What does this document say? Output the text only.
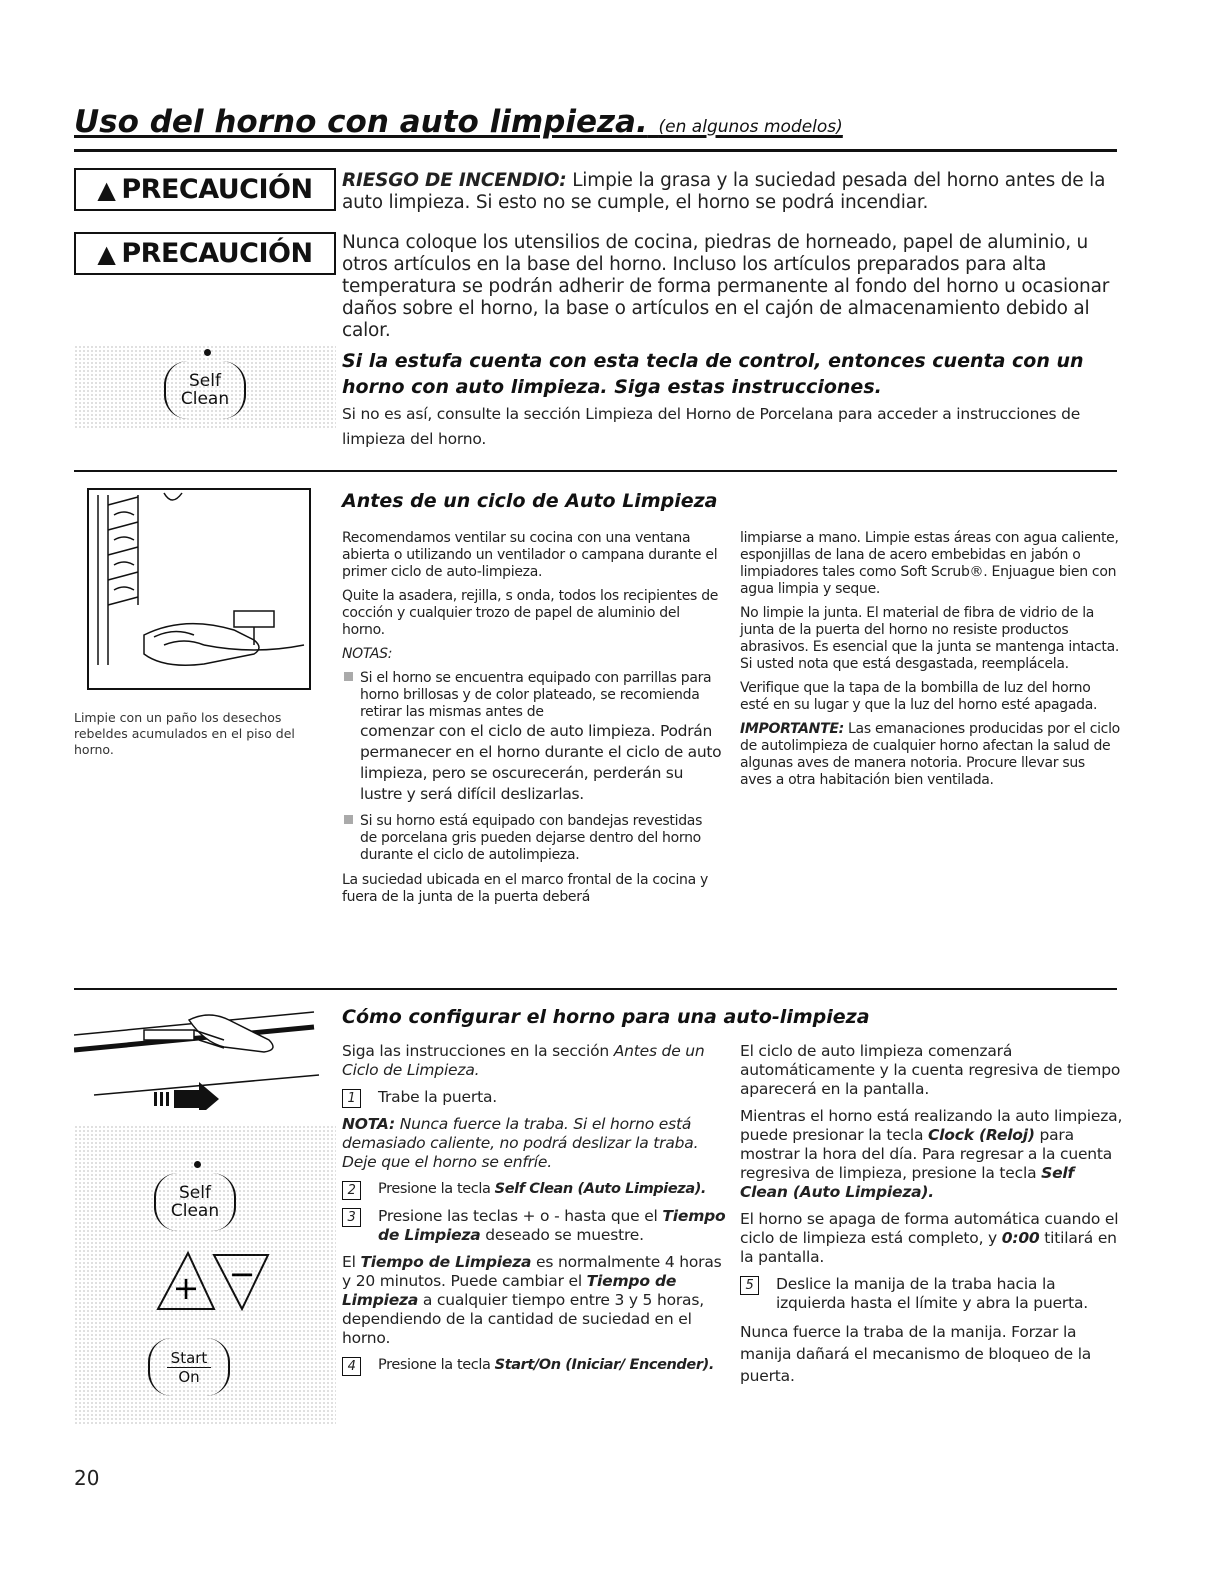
Uso del horno con auto limpieza. (en algunos modelos)
▲ PRECAUCIÓN RIESGO DE INCENDIO: Limpie la grasa y la suciedad pesada del horno antes de la auto limpieza. Si esto no se cumple, el horno se podrá incendiar.
▲ PRECAUCIÓN Nunca coloque los utensilios de cocina, piedras de horneado, papel de aluminio, u otros artículos en la base del horno. Incluso los artículos preparados para alta temperatura se podrán adherir de forma permanente al fondo del horno u ocasionar daños sobre el horno, la base o artículos en el cajón de almacenamiento debido al calor.
Self
Clean
Si la estufa cuenta con esta tecla de control, entonces cuenta con un horno con auto limpieza. Siga estas instrucciones.
Si no es así, consulte la sección Limpieza del Horno de Porcelana para acceder a instrucciones de limpieza del horno.
Limpie con un paño los desechos rebeldes acumulados en el piso del horno.
Antes de un ciclo de Auto Limpieza

Recomendamos ventilar su cocina con una ventana abierta o utilizando un ventilador o campana durante el primer ciclo de auto-limpieza.

Quite la asadera, rejilla, s onda, todos los recipientes de cocción y cualquier trozo de papel de aluminio del horno.

NOTAS:

Si el horno se encuentra equipado con parrillas para horno brillosas y de color plateado, se recomienda retirar las mismas antes de

comenzar con el ciclo de auto limpieza. Podrán permanecer en el horno durante el ciclo de auto limpieza, pero se oscurecerán, perderán su lustre y será difícil deslizarlas.

Si su horno está equipado con bandejas revestidas de porcelana gris pueden dejarse dentro del horno durante el ciclo de autolimpieza.

La suciedad ubicada en el marco frontal de la cocina y fuera de la junta de la puerta deberá

limpiarse a mano. Limpie estas áreas con agua caliente, esponjillas de lana de acero embebidas en jabón o limpiadores tales como Soft Scrub®. Enjuague bien con agua limpia y seque.

No limpie la junta. El material de fibra de vidrio de la junta de la puerta del horno no resiste productos abrasivos. Es esencial que la junta se mantenga intacta. Si usted nota que está desgastada, reemplácela.

Verifique que la tapa de la bombilla de luz del horno esté en su lugar y que la luz del horno esté apagada.

IMPORTANTE: Las emanaciones producidas por el ciclo de autolimpieza de cualquier horno afectan la salud de algunas aves de manera notoria. Procure llevar sus aves a otra habitación bien ventilada.

Self
Clean
+ −
Start
On
Cómo configurar el horno para una auto-limpieza

Siga las instrucciones en la sección Antes de un Ciclo de Limpieza.

1	Trabe la puerta.

NOTA: Nunca fuerce la traba. Si el horno está demasiado caliente, no podrá deslizar la traba. Deje que el horno se enfríe.

2	Presione la tecla Self Clean (Auto Limpieza).

3	Presione las teclas + o - hasta que el Tiempo de Limpieza deseado se muestre.

El Tiempo de Limpieza es normalmente 4 horas y 20 minutos. Puede cambiar el Tiempo de Limpieza a cualquier tiempo entre 3 y 5 horas, dependiendo de la cantidad de suciedad en el horno.

4	Presione la tecla Start/On (Iniciar/ Encender).

El ciclo de auto limpieza comenzará automáticamente y la cuenta regresiva de tiempo aparecerá en la pantalla.

Mientras el horno está realizando la auto limpieza, puede presionar la tecla Clock (Reloj) para mostrar la hora del día. Para regresar a la cuenta regresiva de limpieza, presione la tecla Self Clean (Auto Limpieza).

El horno se apaga de forma automática cuando el ciclo de limpieza está completo, y 0:00 titilará en la pantalla.

5	Deslice la manija de la traba hacia la izquierda hasta el límite y abra la puerta.

Nunca fuerce la traba de la manija. Forzar la manija dañará el mecanismo de bloqueo de la puerta.

20
